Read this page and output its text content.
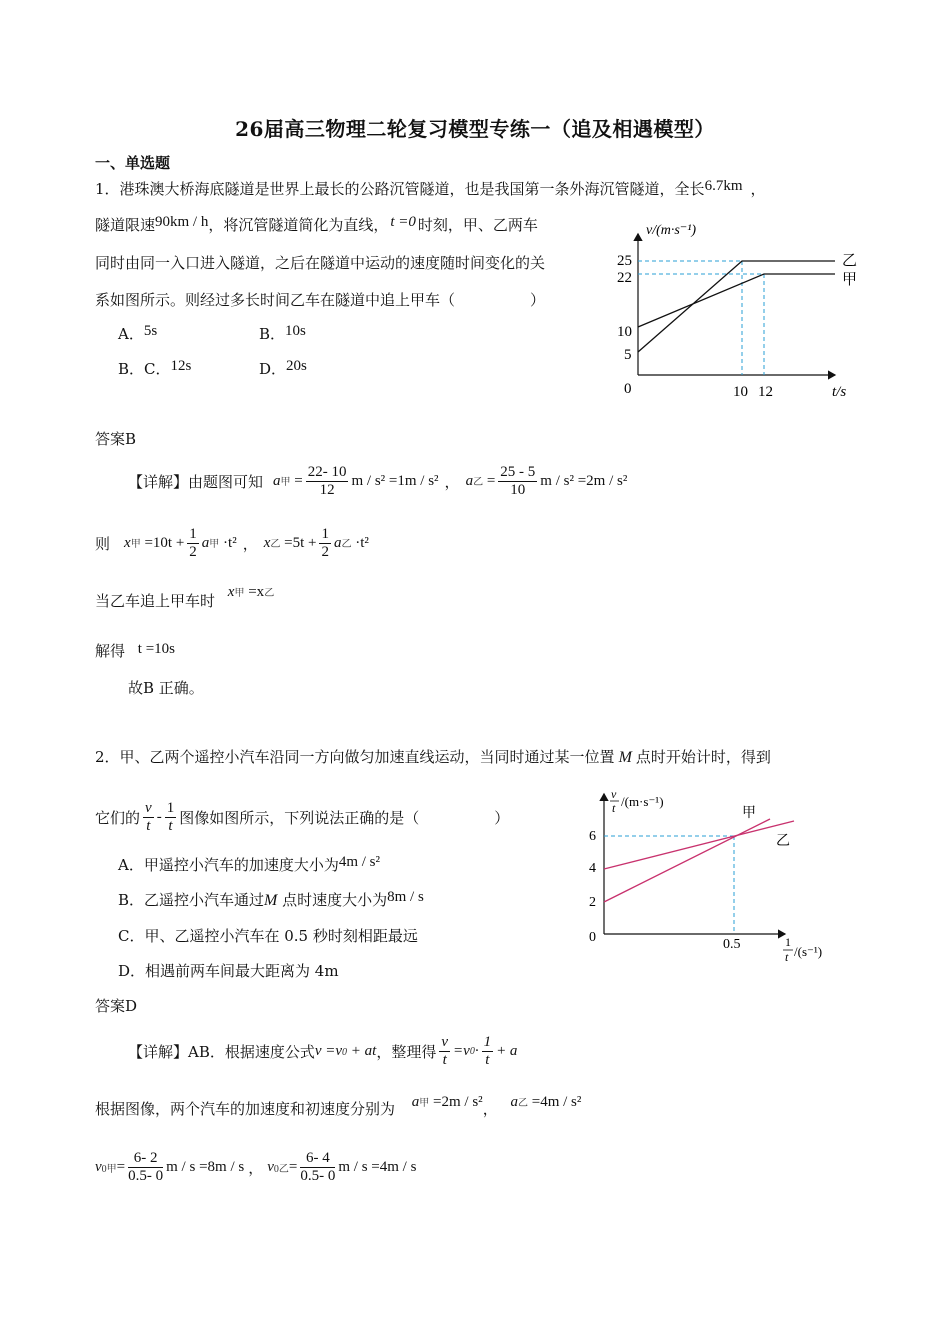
26届高三物理二轮复习模型专练一（追及相遇模型）
一、单选题
1．港珠澳大桥海底隧道是世界上最长的公路沉管隧道，也是我国第一条外海沉管隧道，全长6.7km ，
隧道限速90km / h，将沉管隧道简化为直线， t =0 时刻，甲、乙两车
同时由同一入口进入隧道，之后在隧道中运动的速度随时间变化的关
系如图所示。则经过多长时间乙车在隧道中追上甲车（　　　　　）
A．5s	B．10s
B．C．12s	D．20s
v/(m·s⁻¹)
t/s
25
22
10
5
0	10 12
乙
甲
答案B
【详解】由题图可知 a甲 = $\frac{22- 10}{12}$ m / s² =1m / s² ， a乙 = $\frac{25 - 5}{10}$ m / s² =2m / s²
则 x甲 $=10t + \frac{1}{2}$ a甲 ·t² ， x乙 $=5t + \frac{1}{2}$ a乙 ·t²
当乙车追上甲车时 x甲 =x乙
解得 t =10s
故B 正确。
2．甲、乙两个遥控小汽车沿同一方向做匀加速直线运动，当同时通过某一位置 M 点时开始计时，得到
它们的 $\frac{v}{t} - \frac{1}{t}$ 图像如图所示，下列说法正确的是（　　　　　）
A．甲遥控小汽车的加速度大小为4m / s²
B．乙遥控小汽车通过M 点时速度大小为8m / s
C．甲、乙遥控小汽车在 0.5 秒时刻相距最远
D．相遇前两车间最大距离为 4m
v
t /(m·s⁻¹)
6
4
2
0	0.5	1
t /(s⁻¹)
甲
乙
答案D
【详解】AB．根据速度公式 v =v0 + at ，整理得 $\frac{v}{t} =v$ $0 \cdot \frac{1}{t} + a$
根据图像，两个汽车的加速度和初速度分别为 a甲 =2m / s²， a乙 =4m / s²
v 0甲 = $\frac{6- 2}{0.5- 0}$ m / s =8m / s ， v 0乙 = $\frac{6- 4}{0.5- 0}$ m / s =4m / s
